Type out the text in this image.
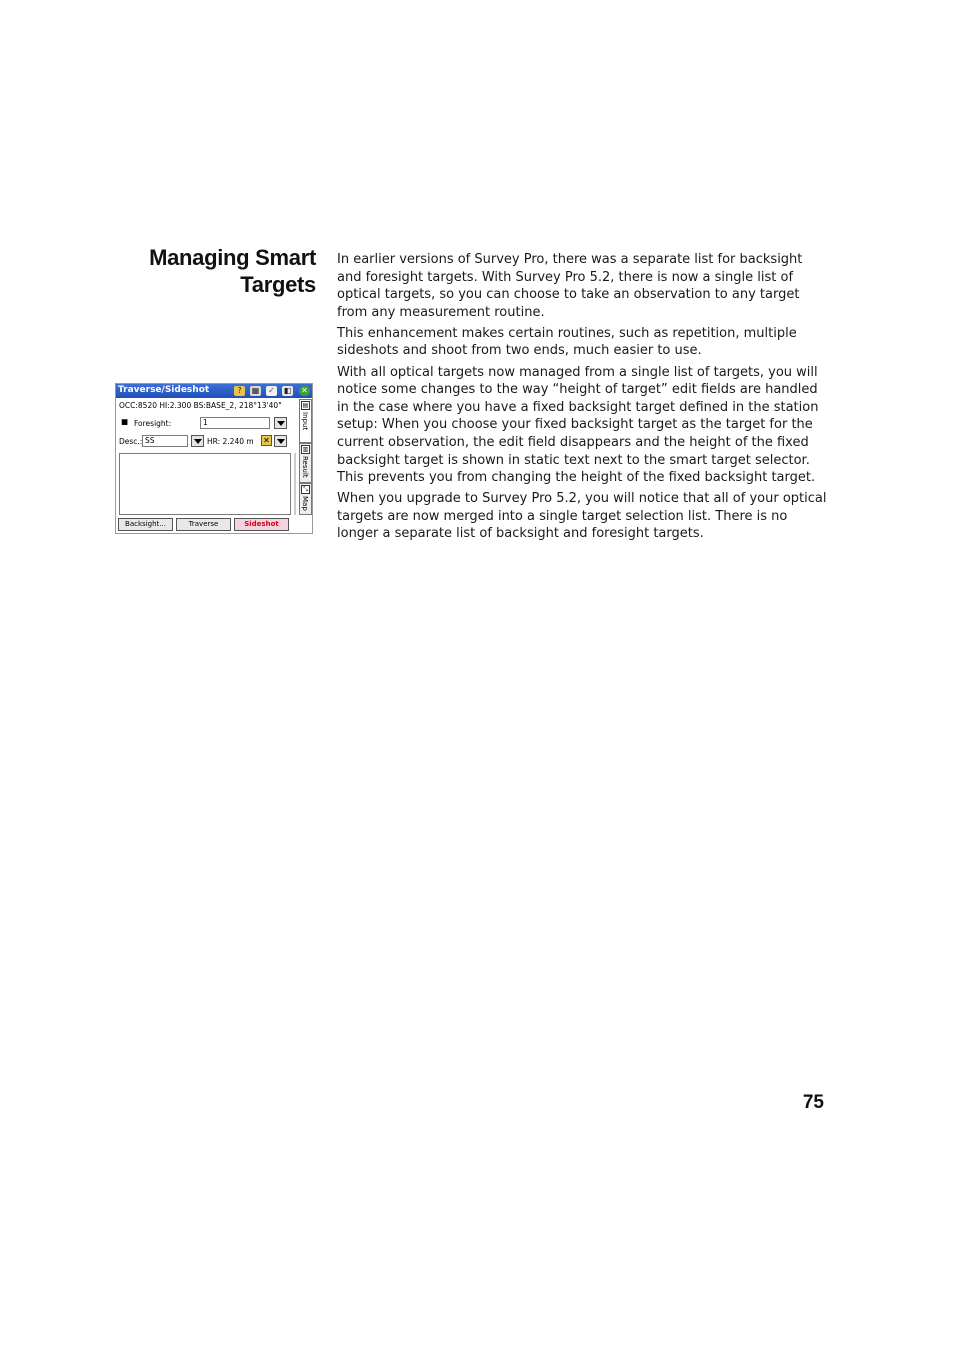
Managing Smart
Targets

In earlier versions of Survey Pro, there was a separate list for backsight and foresight targets. With Survey Pro 5.2, there is now a single list of optical targets, so you can choose to take an observation to any target from any measurement routine.

This enhancement makes certain routines, such as repetition, multiple sideshots and shoot from two ends, much easier to use.

With all optical targets now managed from a single list of targets, you will notice some changes to the way “height of target” edit fields are handled in the case where you have a fixed backsight target defined in the station setup: When you choose your fixed backsight target as the target for the current observation, the edit field disappears and the height of the fixed backsight target is shown in static text next to the smart target selector. This prevents you from changing the height of the fixed backsight target.

When you upgrade to Survey Pro 5.2, you will notice that all of your optical targets are now merged into a single target selection list. There is no longer a separate list of backsight and foresight targets.

Traverse/Sideshot	?	▦ ✓ ◧ ✕
OCC:8520 HI:2.300 BS:BASE_2, 218°13'40"
■ Foresight:	1
Desc.: SS	HR: 2.240 m ✕
▤
Input
▥
Result
⤡
Map
Backsight...	Traverse	Sideshot
75
